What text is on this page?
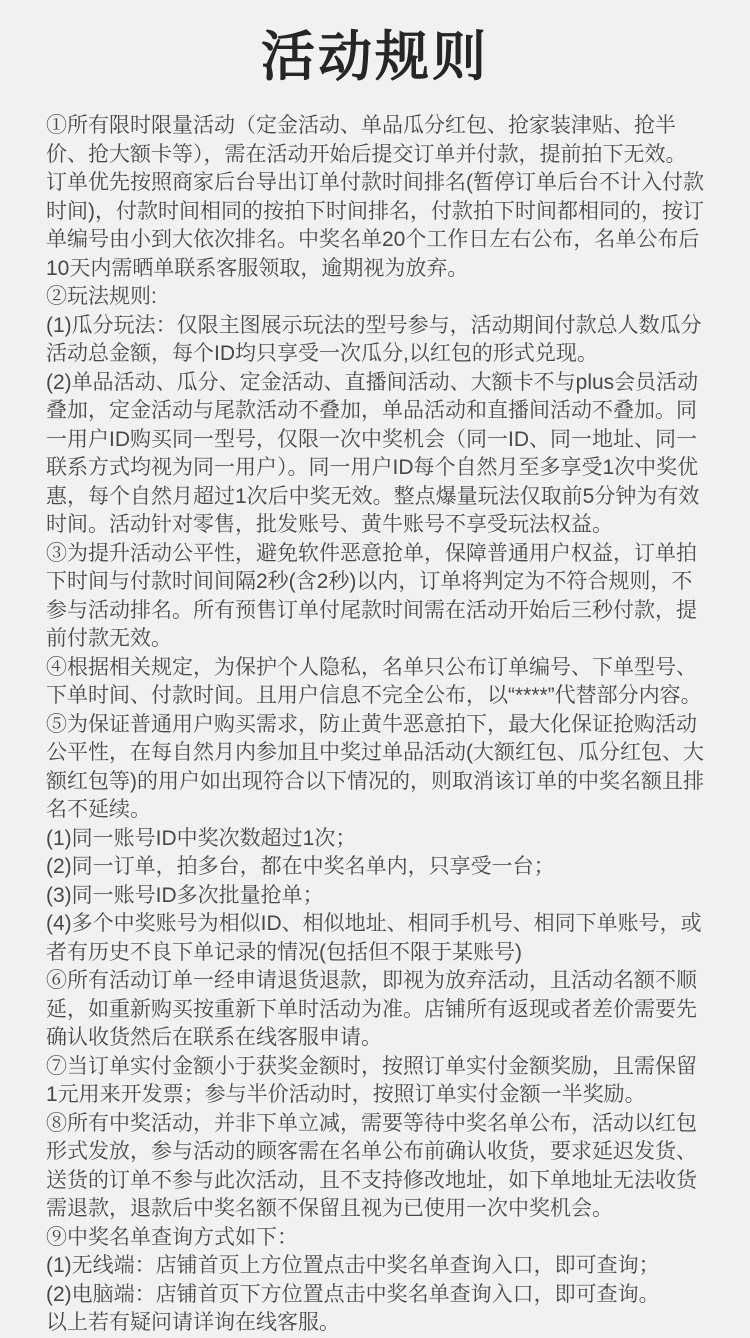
活动规则

①所有限时限量活动（定金活动、单品瓜分红包、抢家装津贴、抢半价、抢大额卡等），需在活动开始后提交订单并付款，提前拍下无效。订单优先按照商家后台导出订单付款时间排名(暂停订单后台不计入付款时间)，付款时间相同的按拍下时间排名，付款拍下时间都相同的，按订单编号由小到大依次排名。中奖名单20个工作日左右公布，名单公布后10天内需晒单联系客服领取，逾期视为放弃。

②玩法规则:

(1)瓜分玩法：仅限主图展示玩法的型号参与，活动期间付款总人数瓜分活动总金额，每个ID均只享受一次瓜分,以红包的形式兑现。

(2)单品活动、瓜分、定金活动、直播间活动、大额卡不与plus会员活动叠加，定金活动与尾款活动不叠加，单品活动和直播间活动不叠加。同一用户ID购买同一型号，仅限一次中奖机会（同一ID、同一地址、同一联系方式均视为同一用户）。同一用户ID每个自然月至多享受1次中奖优惠，每个自然月超过1次后中奖无效。整点爆量玩法仅取前5分钟为有效时间。活动针对零售，批发账号、黄牛账号不享受玩法权益。

③为提升活动公平性，避免软件恶意抢单，保障普通用户权益，订单拍下时间与付款时间间隔2秒(含2秒)以内，订单将判定为不符合规则，不参与活动排名。所有预售订单付尾款时间需在活动开始后三秒付款，提前付款无效。

④根据相关规定，为保护个人隐私，名单只公布订单编号、下单型号、下单时间、付款时间。且用户信息不完全公布，以“****”代替部分内容。

⑤为保证普通用户购买需求，防止黄牛恶意拍下，最大化保证抢购活动公平性，在每自然月内参加且中奖过单品活动(大额红包、瓜分红包、大额红包等)的用户如出现符合以下情况的，则取消该订单的中奖名额且排名不延续。

(1)同一账号ID中奖次数超过1次；

(2)同一订单，拍多台，都在中奖名单内，只享受一台；

(3)同一账号ID多次批量抢单；

(4)多个中奖账号为相似ID、相似地址、相同手机号、相同下单账号，或者有历史不良下单记录的情况(包括但不限于某账号)

⑥所有活动订单一经申请退货退款，即视为放弃活动，且活动名额不顺延，如重新购买按重新下单时活动为准。店铺所有返现或者差价需要先确认收货然后在联系在线客服申请。

⑦当订单实付金额小于获奖金额时，按照订单实付金额奖励，且需保留1元用来开发票；参与半价活动时，按照订单实付金额一半奖励。

⑧所有中奖活动，并非下单立减，需要等待中奖名单公布，活动以红包形式发放，参与活动的顾客需在名单公布前确认收货，要求延迟发货、送货的订单不参与此次活动，且不支持修改地址，如下单地址无法收货需退款，退款后中奖名额不保留且视为已使用一次中奖机会。

⑨中奖名单查询方式如下：

(1)无线端：店铺首页上方位置点击中奖名单查询入口，即可查询；

(2)电脑端：店铺首页下方位置点击中奖名单查询入口，即可查询。

以上若有疑问请详询在线客服。
